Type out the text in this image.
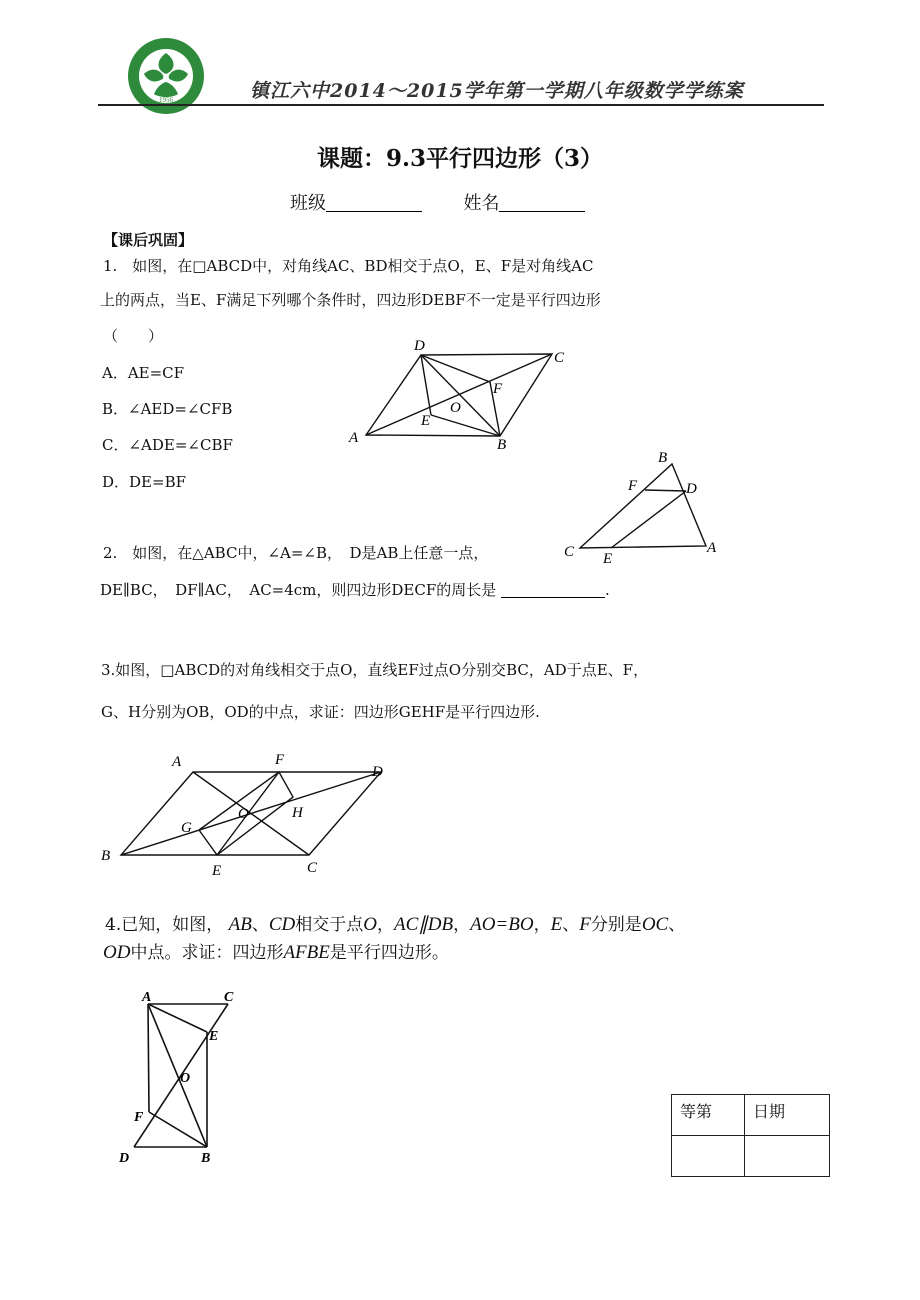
1956	镇江六中2014～2015学年第一学期八年级数学学练案
课题：9.3平行四边形（3）
班级	姓名
【课后巩固】
1.　如图，在□ABCD中，对角线AC、BD相交于点O，E、F是对角线AC
上的两点，当E、F满足下列哪个条件时，四边形DEBF不一定是平行四边形
（　　）
A．AE=CF
B．∠AED=∠CFB
C．∠ADE=∠CBF
D．DE=BF
D
C
F
O
E
A	B
B
F	D
C E
A
2.　如图，在△ABC中，∠A=∠B，　D是AB上任意一点，
DE∥BC，　DF∥AC，　AC=4cm，则四边形DECF的周长是	.
3.如图，□ABCD的对角线相交于点O，直线EF过点O分别交BC，AD于点E、F，
G、H分别为OB，OD的中点，求证：四边形GEHF是平行四边形.
A	F
D
O
G
H
B
E	C
4.已知，如图， AB、CD相交于点O，AC∥DB，AO=BO，E、F分别是OC、
OD中点。求证：四边形AFBE是平行四边形。
A	C
E
O
F
D	B
等第	日期
